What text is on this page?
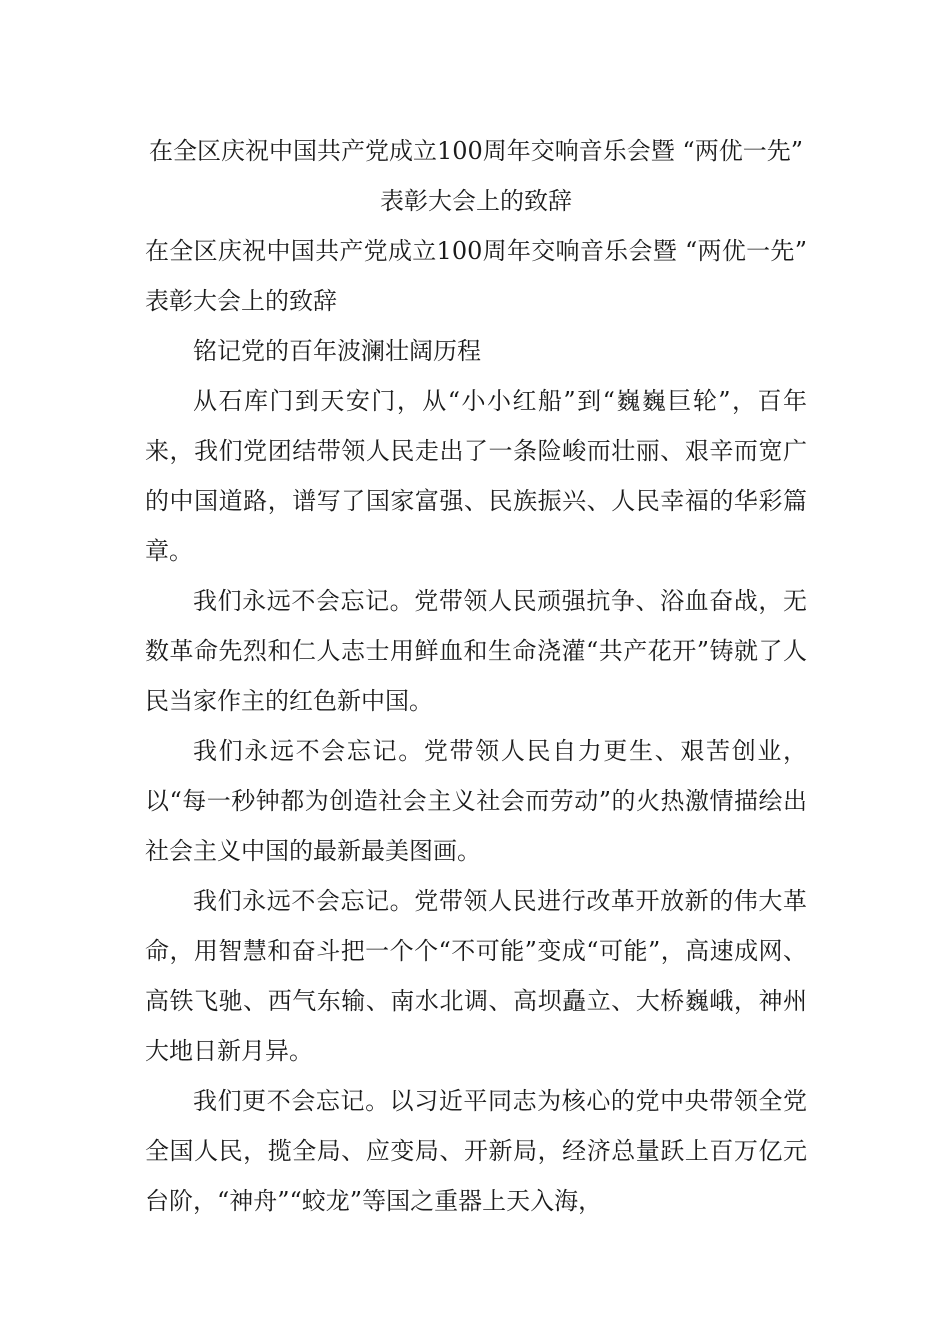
在全区庆祝中国共产党成立100周年交响音乐会暨 “两优一先” 表彰大会上的致辞

在全区庆祝中国共产党成立100周年交响音乐会暨 “两优一先” 表彰大会上的致辞

铭记党的百年波澜壮阔历程

从石库门到天安门，从“小小红船”到“巍巍巨轮”，百年来，我们党团结带领人民走出了一条险峻而壮丽、艰辛而宽广的中国道路，谱写了国家富强、民族振兴、人民幸福的华彩篇章。

我们永远不会忘记。党带领人民顽强抗争、浴血奋战，无数革命先烈和仁人志士用鲜血和生命浇灌“共产花开”铸就了人民当家作主的红色新中国。

我们永远不会忘记。党带领人民自力更生、艰苦创业，以“每一秒钟都为创造社会主义社会而劳动”的火热激情描绘出社会主义中国的最新最美图画。

我们永远不会忘记。党带领人民进行改革开放新的伟大革命，用智慧和奋斗把一个个“不可能”变成“可能”，高速成网、高铁飞驰、西气东输、南水北调、高坝矗立、大桥巍峨，神州大地日新月异。

我们更不会忘记。以习近平同志为核心的党中央带领全党全国人民，揽全局、应变局、开新局，经济总量跃上百万亿元台阶，“神舟”“蛟龙”等国之重器上天入海，
